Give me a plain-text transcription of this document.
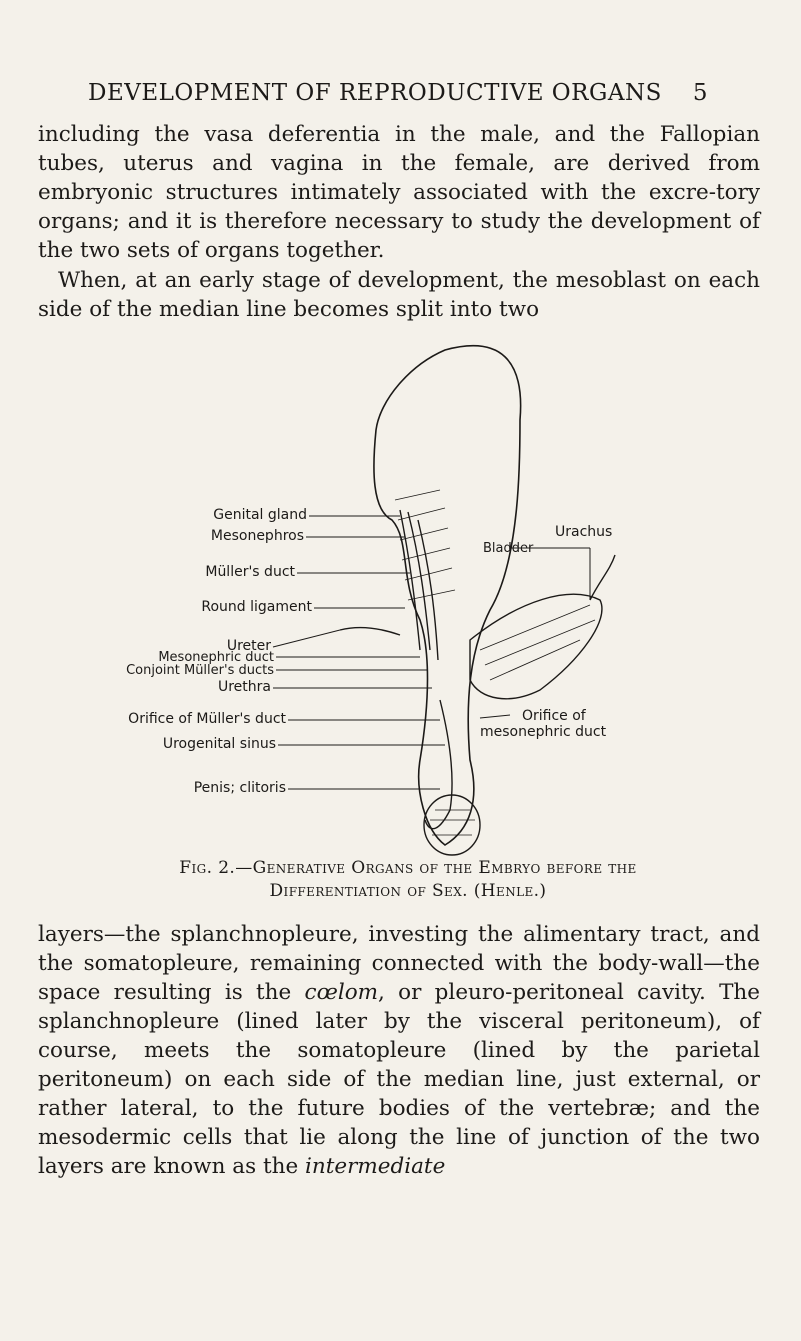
DEVELOPMENT OF REPRODUCTIVE ORGANS 5

including the vasa deferentia in the male, and the Fallopian tubes, uterus and vagina in the female, are derived from embryonic structures intimately associated with the excre-tory organs; and it is therefore necessary to study the development of the two sets of organs together.

When, at an early stage of development, the mesoblast on each side of the median line becomes split into two

Genital gland
Mesonephros
Müller's duct
Round ligament
Ureter
Mesonephric duct
Conjoint Müller's ducts
Urethra
Orifice of Müller's duct
Urogenital sinus
Penis; clitoris
Urachus
Bladder
Orifice of
mesonephric duct
Fig. 2.—Generative Organs of the Embryo before the
Differentiation of Sex. (Henle.)

layers—the splanchnopleure, investing the alimentary tract, and the somatopleure, remaining connected with the body-wall—the space resulting is the cœlom, or pleuro-peritoneal cavity. The splanchnopleure (lined later by the visceral peritoneum), of course, meets the somatopleure (lined by the parietal peritoneum) on each side of the median line, just external, or rather lateral, to the future bodies of the vertebræ; and the mesodermic cells that lie along the line of junction of the two layers are known as the intermediate
